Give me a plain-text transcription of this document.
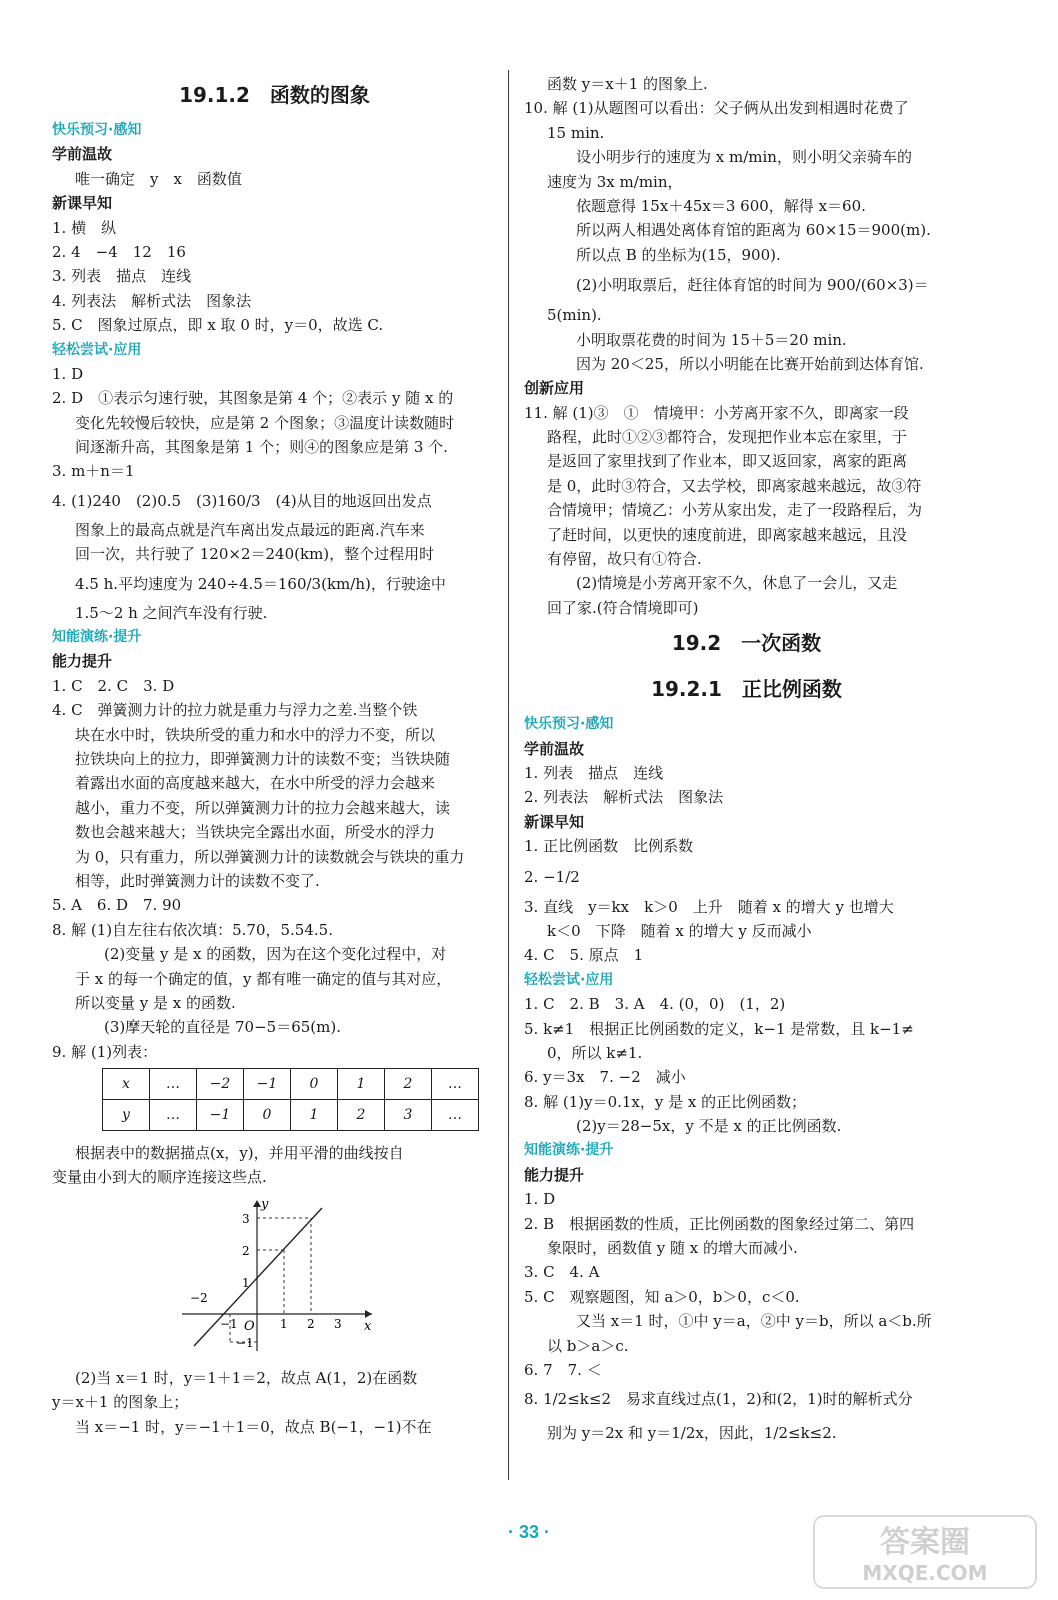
19.1.2　函数的图象
快乐预习·感知
学前温故
唯一确定　y　x　函数值
新课早知
1. 横　纵
2. 4　−4　12　16
3. 列表　描点　连线
4. 列表法　解析式法　图象法
5. C　图象过原点，即 x 取 0 时，y＝0，故选 C.
轻松尝试·应用
1. D
2. D　①表示匀速行驶，其图象是第 4 个；②表示 y 随 x 的
变化先较慢后较快，应是第 2 个图象；③温度计读数随时
间逐渐升高，其图象是第 1 个；则④的图象应是第 3 个.
3. m＋n＝1
4. (1)240　(2)0.5　(3)160/3　(4)从目的地返回出发点
图象上的最高点就是汽车离出发点最远的距离.汽车来
回一次，共行驶了 120×2＝240(km)，整个过程用时
4.5 h.平均速度为 240÷4.5＝160/3(km/h)，行驶途中
1.5～2 h 之间汽车没有行驶.
知能演练·提升
能力提升
1. C　2. C　3. D
4. C　弹簧测力计的拉力就是重力与浮力之差.当整个铁
块在水中时，铁块所受的重力和水中的浮力不变，所以
拉铁块向上的拉力，即弹簧测力计的读数不变；当铁块随
着露出水面的高度越来越大，在水中所受的浮力会越来
越小，重力不变，所以弹簧测力计的拉力会越来越大，读
数也会越来越大；当铁块完全露出水面，所受水的浮力
为 0，只有重力，所以弹簧测力计的读数就会与铁块的重力
相等，此时弹簧测力计的读数不变了.
5. A　6. D　7. 90
8. 解 (1)自左往右依次填：5.70，5.54.5.
(2)变量 y 是 x 的函数，因为在这个变化过程中，对
于 x 的每一个确定的值，y 都有唯一确定的值与其对应，
所以变量 y 是 x 的函数.
(3)摩天轮的直径是 70−5＝65(m).
9. 解 (1)列表：
x	…	−2	−1	0	1	2	…
y	…	−1	0	1	2	3	…
根据表中的数据描点(x，y)，并用平滑的曲线按自
变量由小到大的顺序连接这些点.
y
x
O
3
2
1
−1
−2
−1	1 2 3
(2)当 x＝1 时，y＝1＋1＝2，故点 A(1，2)在函数
y＝x＋1 的图象上；
当 x＝−1 时，y＝−1＋1＝0，故点 B(−1，−1)不在
函数 y＝x＋1 的图象上.
10. 解 (1)从题图可以看出：父子俩从出发到相遇时花费了
15 min.
设小明步行的速度为 x m/min，则小明父亲骑车的
速度为 3x m/min，
依题意得 15x＋45x＝3 600，解得 x＝60.
所以两人相遇处离体育馆的距离为 60×15＝900(m).
所以点 B 的坐标为(15，900).
(2)小明取票后，赶往体育馆的时间为 900/(60×3)＝
5(min).
小明取票花费的时间为 15＋5＝20 min.
因为 20＜25，所以小明能在比赛开始前到达体育馆.
创新应用
11. 解 (1)③　①　情境甲：小芳离开家不久，即离家一段
路程，此时①②③都符合，发现把作业本忘在家里，于
是返回了家里找到了作业本，即又返回家，离家的距离
是 0，此时③符合，又去学校，即离家越来越远，故③符
合情境甲；情境乙：小芳从家出发，走了一段路程后，为
了赶时间，以更快的速度前进，即离家越来越远，且没
有停留，故只有①符合.
(2)情境是小芳离开家不久，休息了一会儿，又走
回了家.(符合情境即可)
19.2　一次函数
19.2.1　正比例函数
快乐预习·感知
学前温故
1. 列表　描点　连线
2. 列表法　解析式法　图象法
新课早知
1. 正比例函数　比例系数
2. −1/2
3. 直线　y＝kx　k＞0　上升　随着 x 的增大 y 也增大
k＜0　下降　随着 x 的增大 y 反而减小
4. C　5. 原点　1
轻松尝试·应用
1. C　2. B　3. A　4. (0，0)　(1，2)
5. k≠1　根据正比例函数的定义，k−1 是常数，且 k−1≠
0，所以 k≠1.
6. y＝3x　7. −2　减小
8. 解 (1)y＝0.1x，y 是 x 的正比例函数；
(2)y＝28−5x，y 不是 x 的正比例函数.
知能演练·提升
能力提升
1. D
2. B　根据函数的性质，正比例函数的图象经过第二、第四
象限时，函数值 y 随 x 的增大而减小.
3. C　4. A
5. C　观察题图，知 a＞0，b＞0，c＜0.
又当 x＝1 时，①中 y＝a，②中 y＝b，所以 a＜b.所
以 b＞a＞c.
6. 7　7. ＜
8. 1/2≤k≤2　易求直线过点(1，2)和(2，1)时的解析式分
别为 y＝2x 和 y＝1/2x，因此，1/2≤k≤2.
· 33 ·	答案圈
MXQE.COM
